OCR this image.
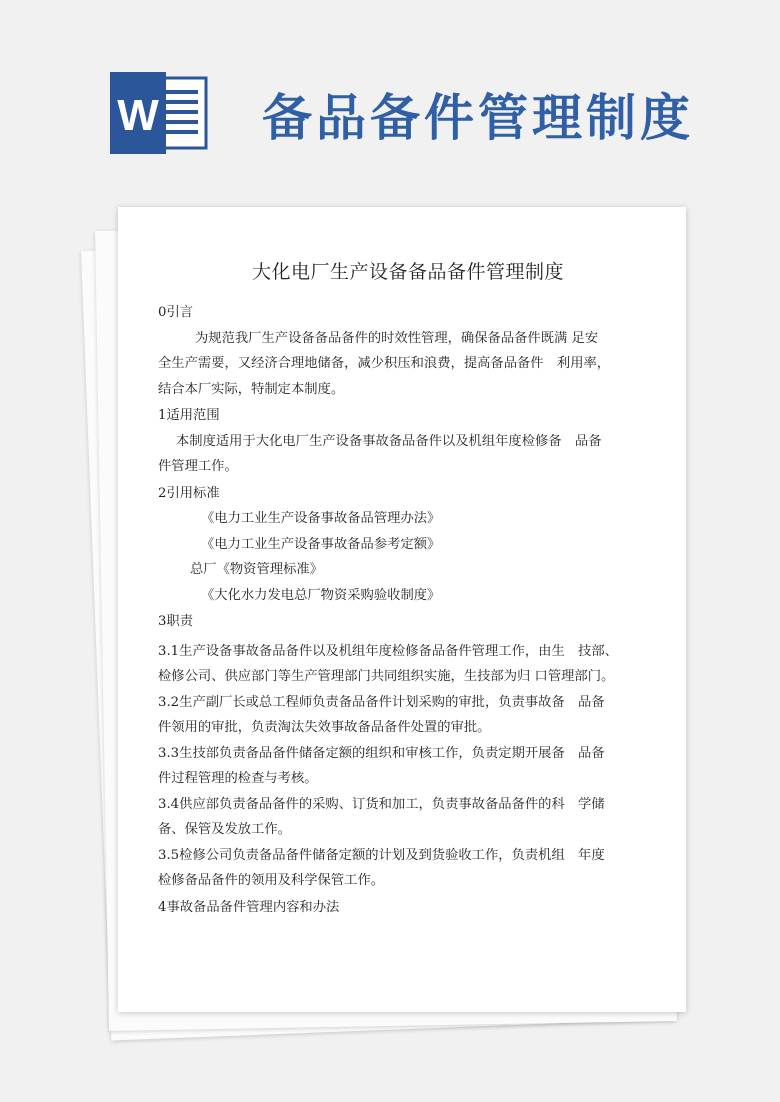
W 备品备件管理制度
大化电厂生产设备备品备件管理制度
0引言
为规范我厂生产设备备品备件的时效性管理，确保备品备件既满 足安
全生产需要，又经济合理地储备，减少积压和浪费，提高备品备件　利用率，
结合本厂实际，特制定本制度。
1适用范围
本制度适用于大化电厂生产设备事故备品备件以及机组年度检修备　品备
件管理工作。
2引用标准
《电力工业生产设备事故备品管理办法》
《电力工业生产设备事故备品参考定额》
总厂《物资管理标准》
《大化水力发电总厂物资采购验收制度》
3职责
3.1生产设备事故备品备件以及机组年度检修备品备件管理工作，由生　技部、
检修公司、供应部门等生产管理部门共同组织实施，生技部为归 口管理部门。
3.2生产副厂长或总工程师负责备品备件计划采购的审批，负责事故备　品备
件领用的审批，负责淘汰失效事故备品备件处置的审批。
3.3生技部负责备品备件储备定额的组织和审核工作，负责定期开展备　品备
件过程管理的检查与考核。
3.4供应部负责备品备件的采购、订货和加工，负责事故备品备件的科　学储
备、保管及发放工作。
3.5检修公司负责备品备件储备定额的计划及到货验收工作，负责机组　年度
检修备品备件的领用及科学保管工作。
4事故备品备件管理内容和办法
